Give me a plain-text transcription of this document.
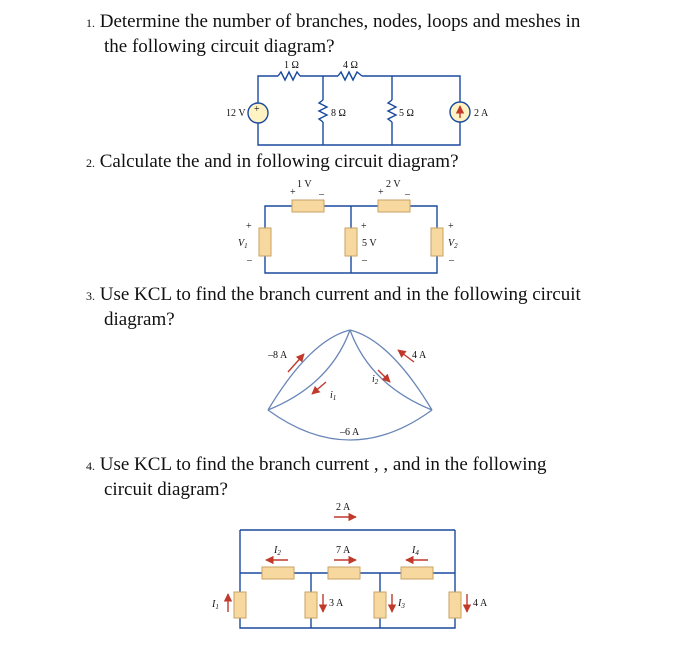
1. Determine the number of branches, nodes, loops and meshes in
the following circuit diagram?
2. Calculate the and in following circuit diagram?
3. Use KCL to find the branch current and in the following circuit
diagram?
4. Use KCL to find the branch current , , and in the following
circuit diagram?
1 Ω	4 Ω
12 V +	8 Ω	5 Ω	2 A
1 V
+ –
2 V
+ –
+
$V_1$
–
+
5 V
–
+
$V_2$
–
–8 A	4 A
–6 A
$i_1$
$i_2$
2 A
$I_2$	7 A	$I_4$
$I_1$	3 A	$I_3$	4 A
